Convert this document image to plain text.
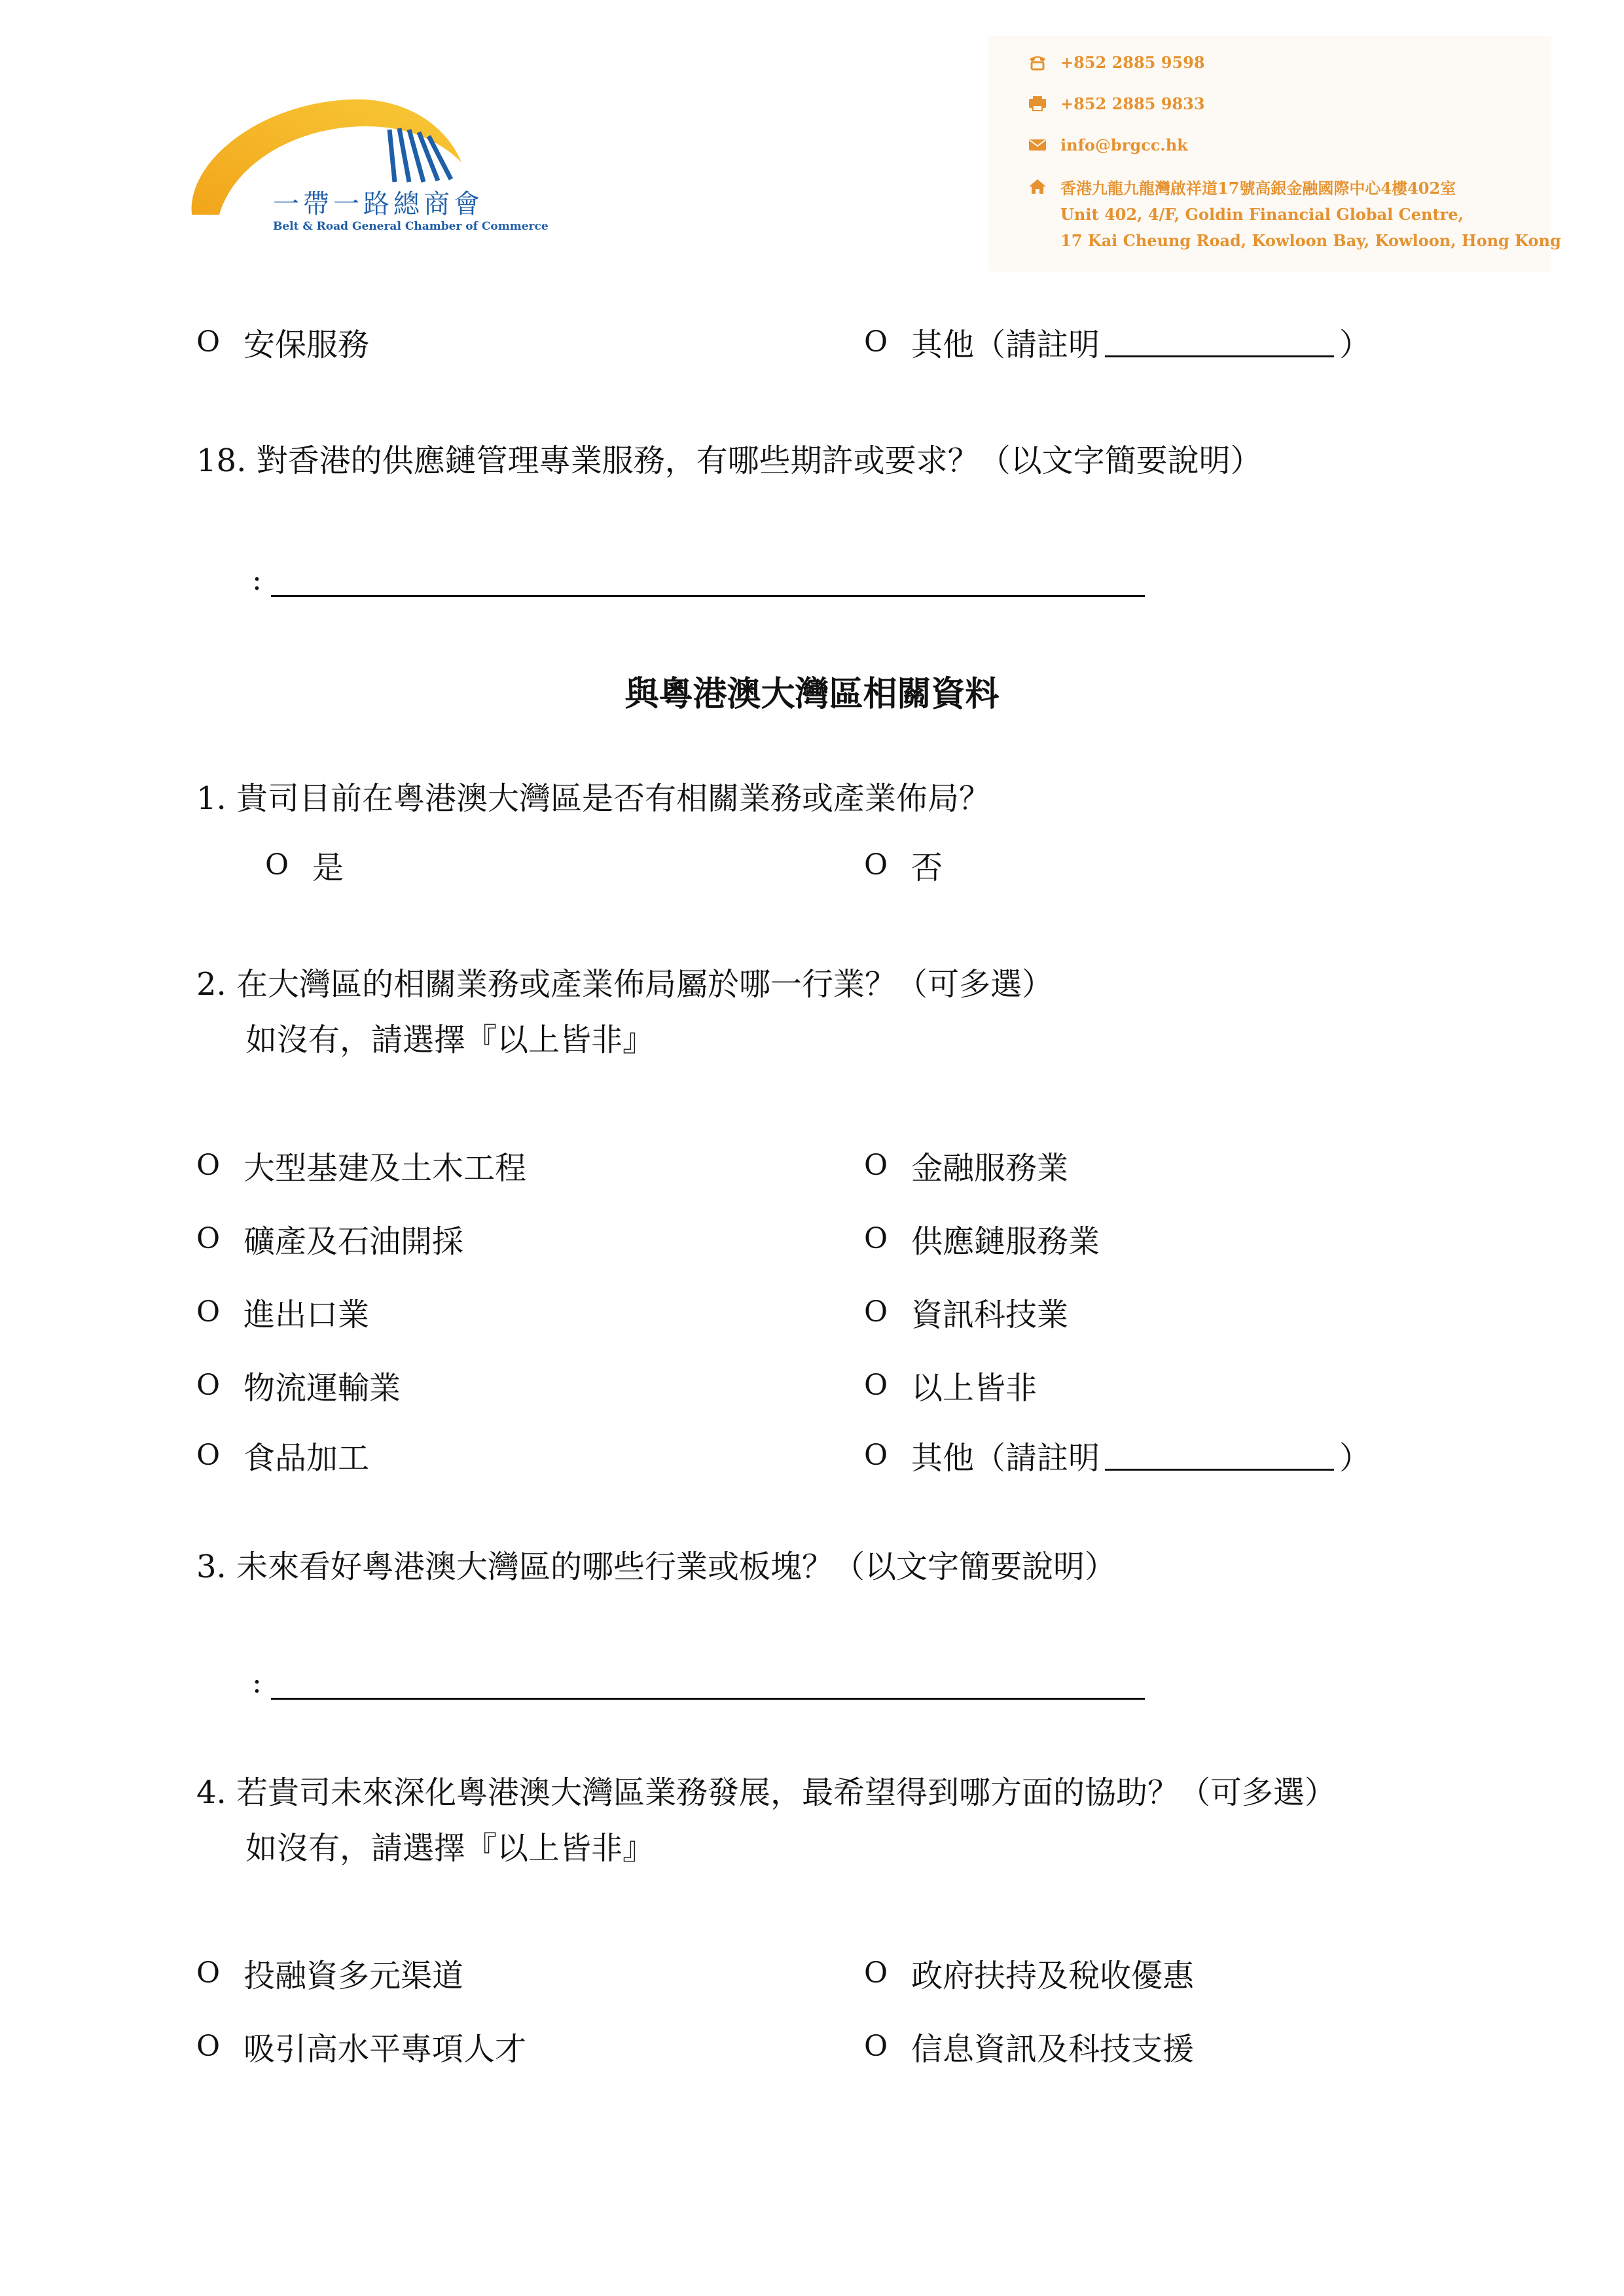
一帶一路總商會
Belt & Road General Chamber of Commerce
+852 2885 9598
+852 2885 9833
info@brgcc.hk
香港九龍九龍灣啟祥道17號高銀金融國際中心4樓402室
Unit 402, 4/F, Goldin Financial Global Centre,
17 Kai Cheung Road, Kowloon Bay, Kowloon, Hong Kong
O 安保服務	O 其他（請註明	）
18. 對香港的供應鏈管理專業服務，有哪些期許或要求？（以文字簡要說明）
:
與粵港澳大灣區相關資料
1. 貴司目前在粵港澳大灣區是否有相關業務或產業佈局？
O 是	O 否
2. 在大灣區的相關業務或產業佈局屬於哪一行業？（可多選）
如沒有，請選擇『以上皆非』
O 大型基建及土木工程	O 金融服務業
O 礦產及石油開採	O 供應鏈服務業
O 進出口業	O 資訊科技業
O 物流運輸業	O 以上皆非
O 食品加工	O 其他（請註明	）
3. 未來看好粵港澳大灣區的哪些行業或板塊？（以文字簡要說明）
:
4. 若貴司未來深化粵港澳大灣區業務發展，最希望得到哪方面的協助？（可多選）
如沒有，請選擇『以上皆非』
O 投融資多元渠道	O 政府扶持及稅收優惠
O 吸引高水平專項人才	O 信息資訊及科技支援
